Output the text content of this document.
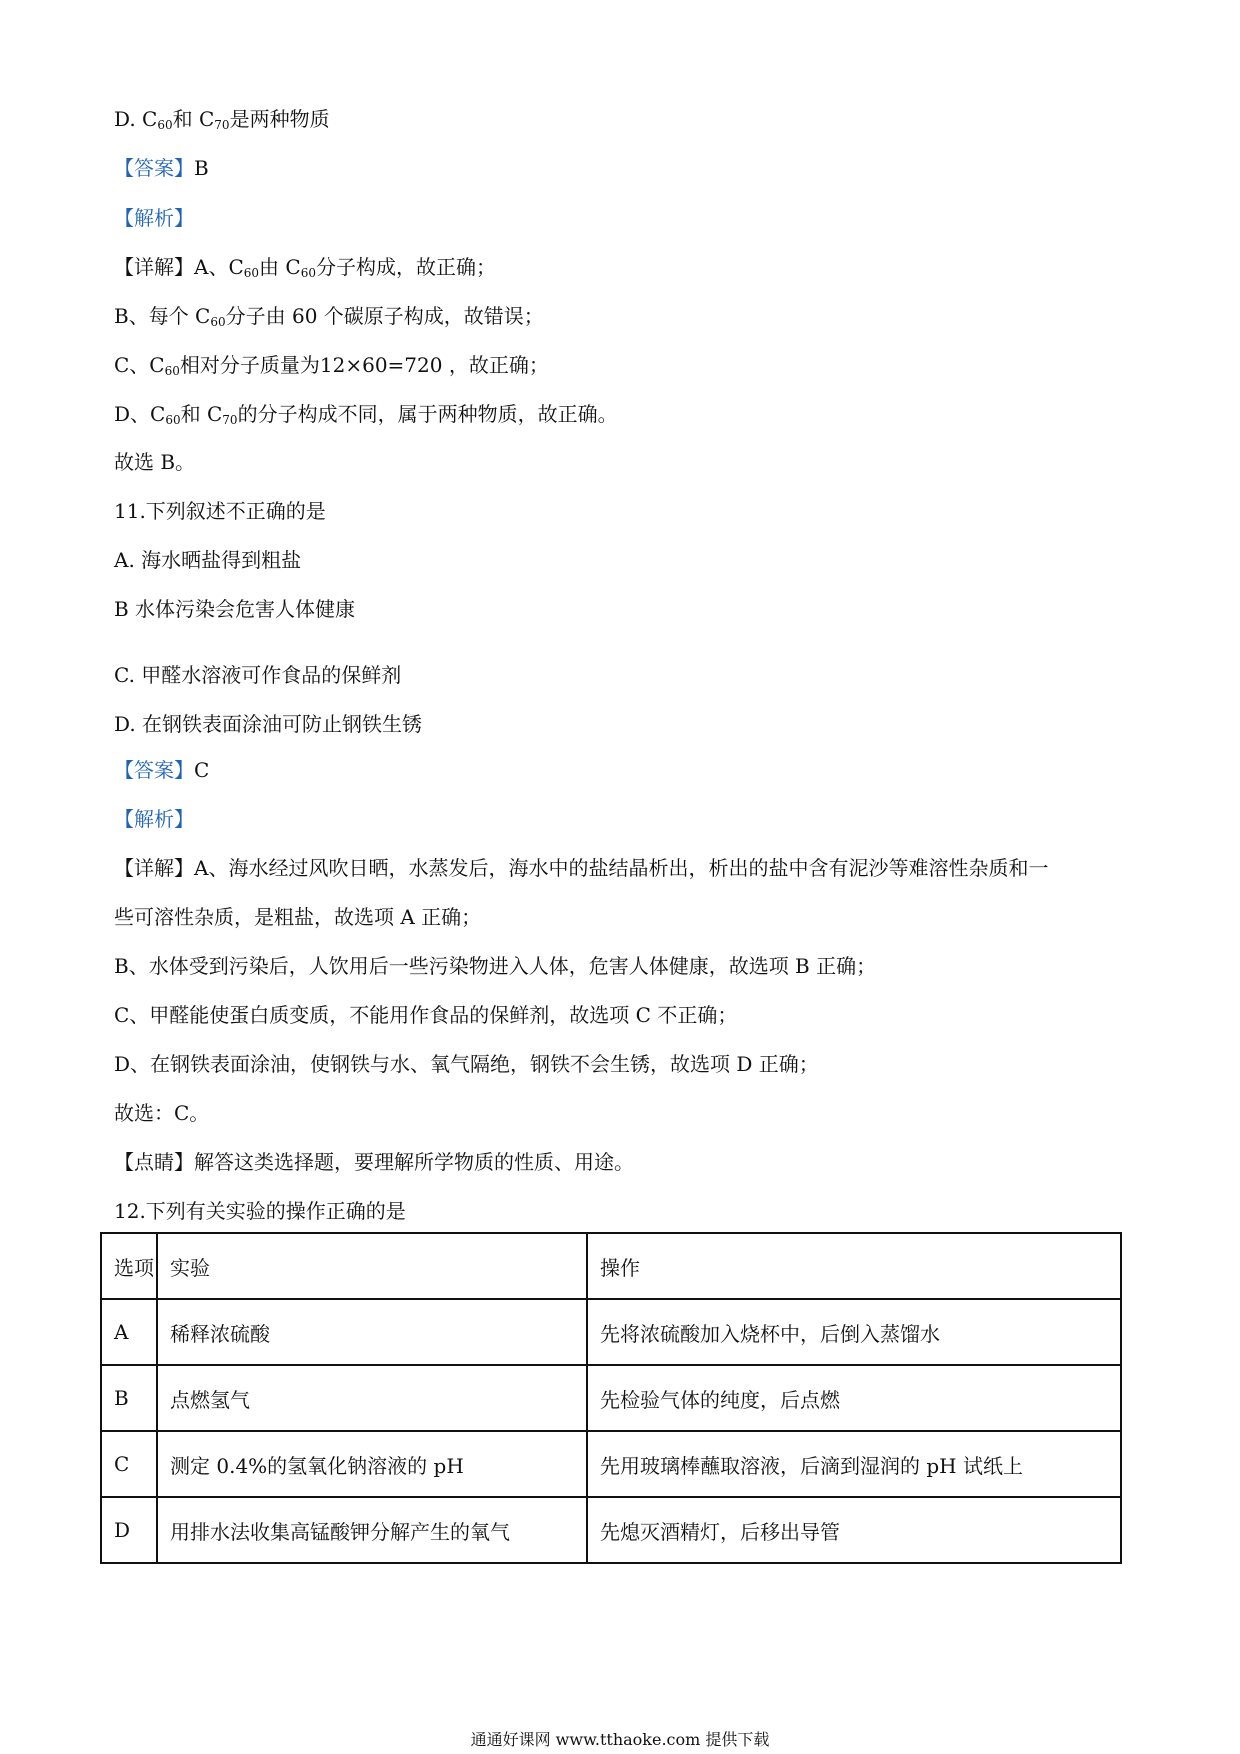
D. $C_{60}$和 $C_{70}$是两种物质
【答案】B
【解析】
【详解】A、$C_{60}$由 $C_{60}$分子构成，故正确；
B、每个 $C_{60}$分子由 60 个碳原子构成，故错误；
C、$C_{60}$相对分子质量为12×60=720 ，故正确；
D、$C_{60}$和 $C_{70}$的分子构成不同，属于两种物质，故正确。
故选 B。
11.下列叙述不正确的是
A. 海水晒盐得到粗盐
B 水体污染会危害人体健康
C. 甲醛水溶液可作食品的保鲜剂
D. 在钢铁表面涂油可防止钢铁生锈
【答案】C
【解析】
【详解】A、海水经过风吹日晒，水蒸发后，海水中的盐结晶析出，析出的盐中含有泥沙等难溶性杂质和一
些可溶性杂质，是粗盐，故选项 A 正确；
B、水体受到污染后，人饮用后一些污染物进入人体，危害人体健康，故选项 B 正确；
C、甲醛能使蛋白质变质，不能用作食品的保鲜剂，故选项 C 不正确；
D、在钢铁表面涂油，使钢铁与水、氧气隔绝，钢铁不会生锈，故选项 D 正确；
故选：C。
【点睛】解答这类选择题，要理解所学物质的性质、用途。
12.下列有关实验的操作正确的是
选项	实验	操作
A	稀释浓硫酸	先将浓硫酸加入烧杯中，后倒入蒸馏水
B	点燃氢气	先检验气体的纯度，后点燃
C	测定 0.4%的氢氧化钠溶液的 pH	先用玻璃棒蘸取溶液，后滴到湿润的 pH 试纸上
D	用排水法收集高锰酸钾分解产生的氧气	先熄灭酒精灯，后移出导管
通通好课网 www.tthaoke.com 提供下载
